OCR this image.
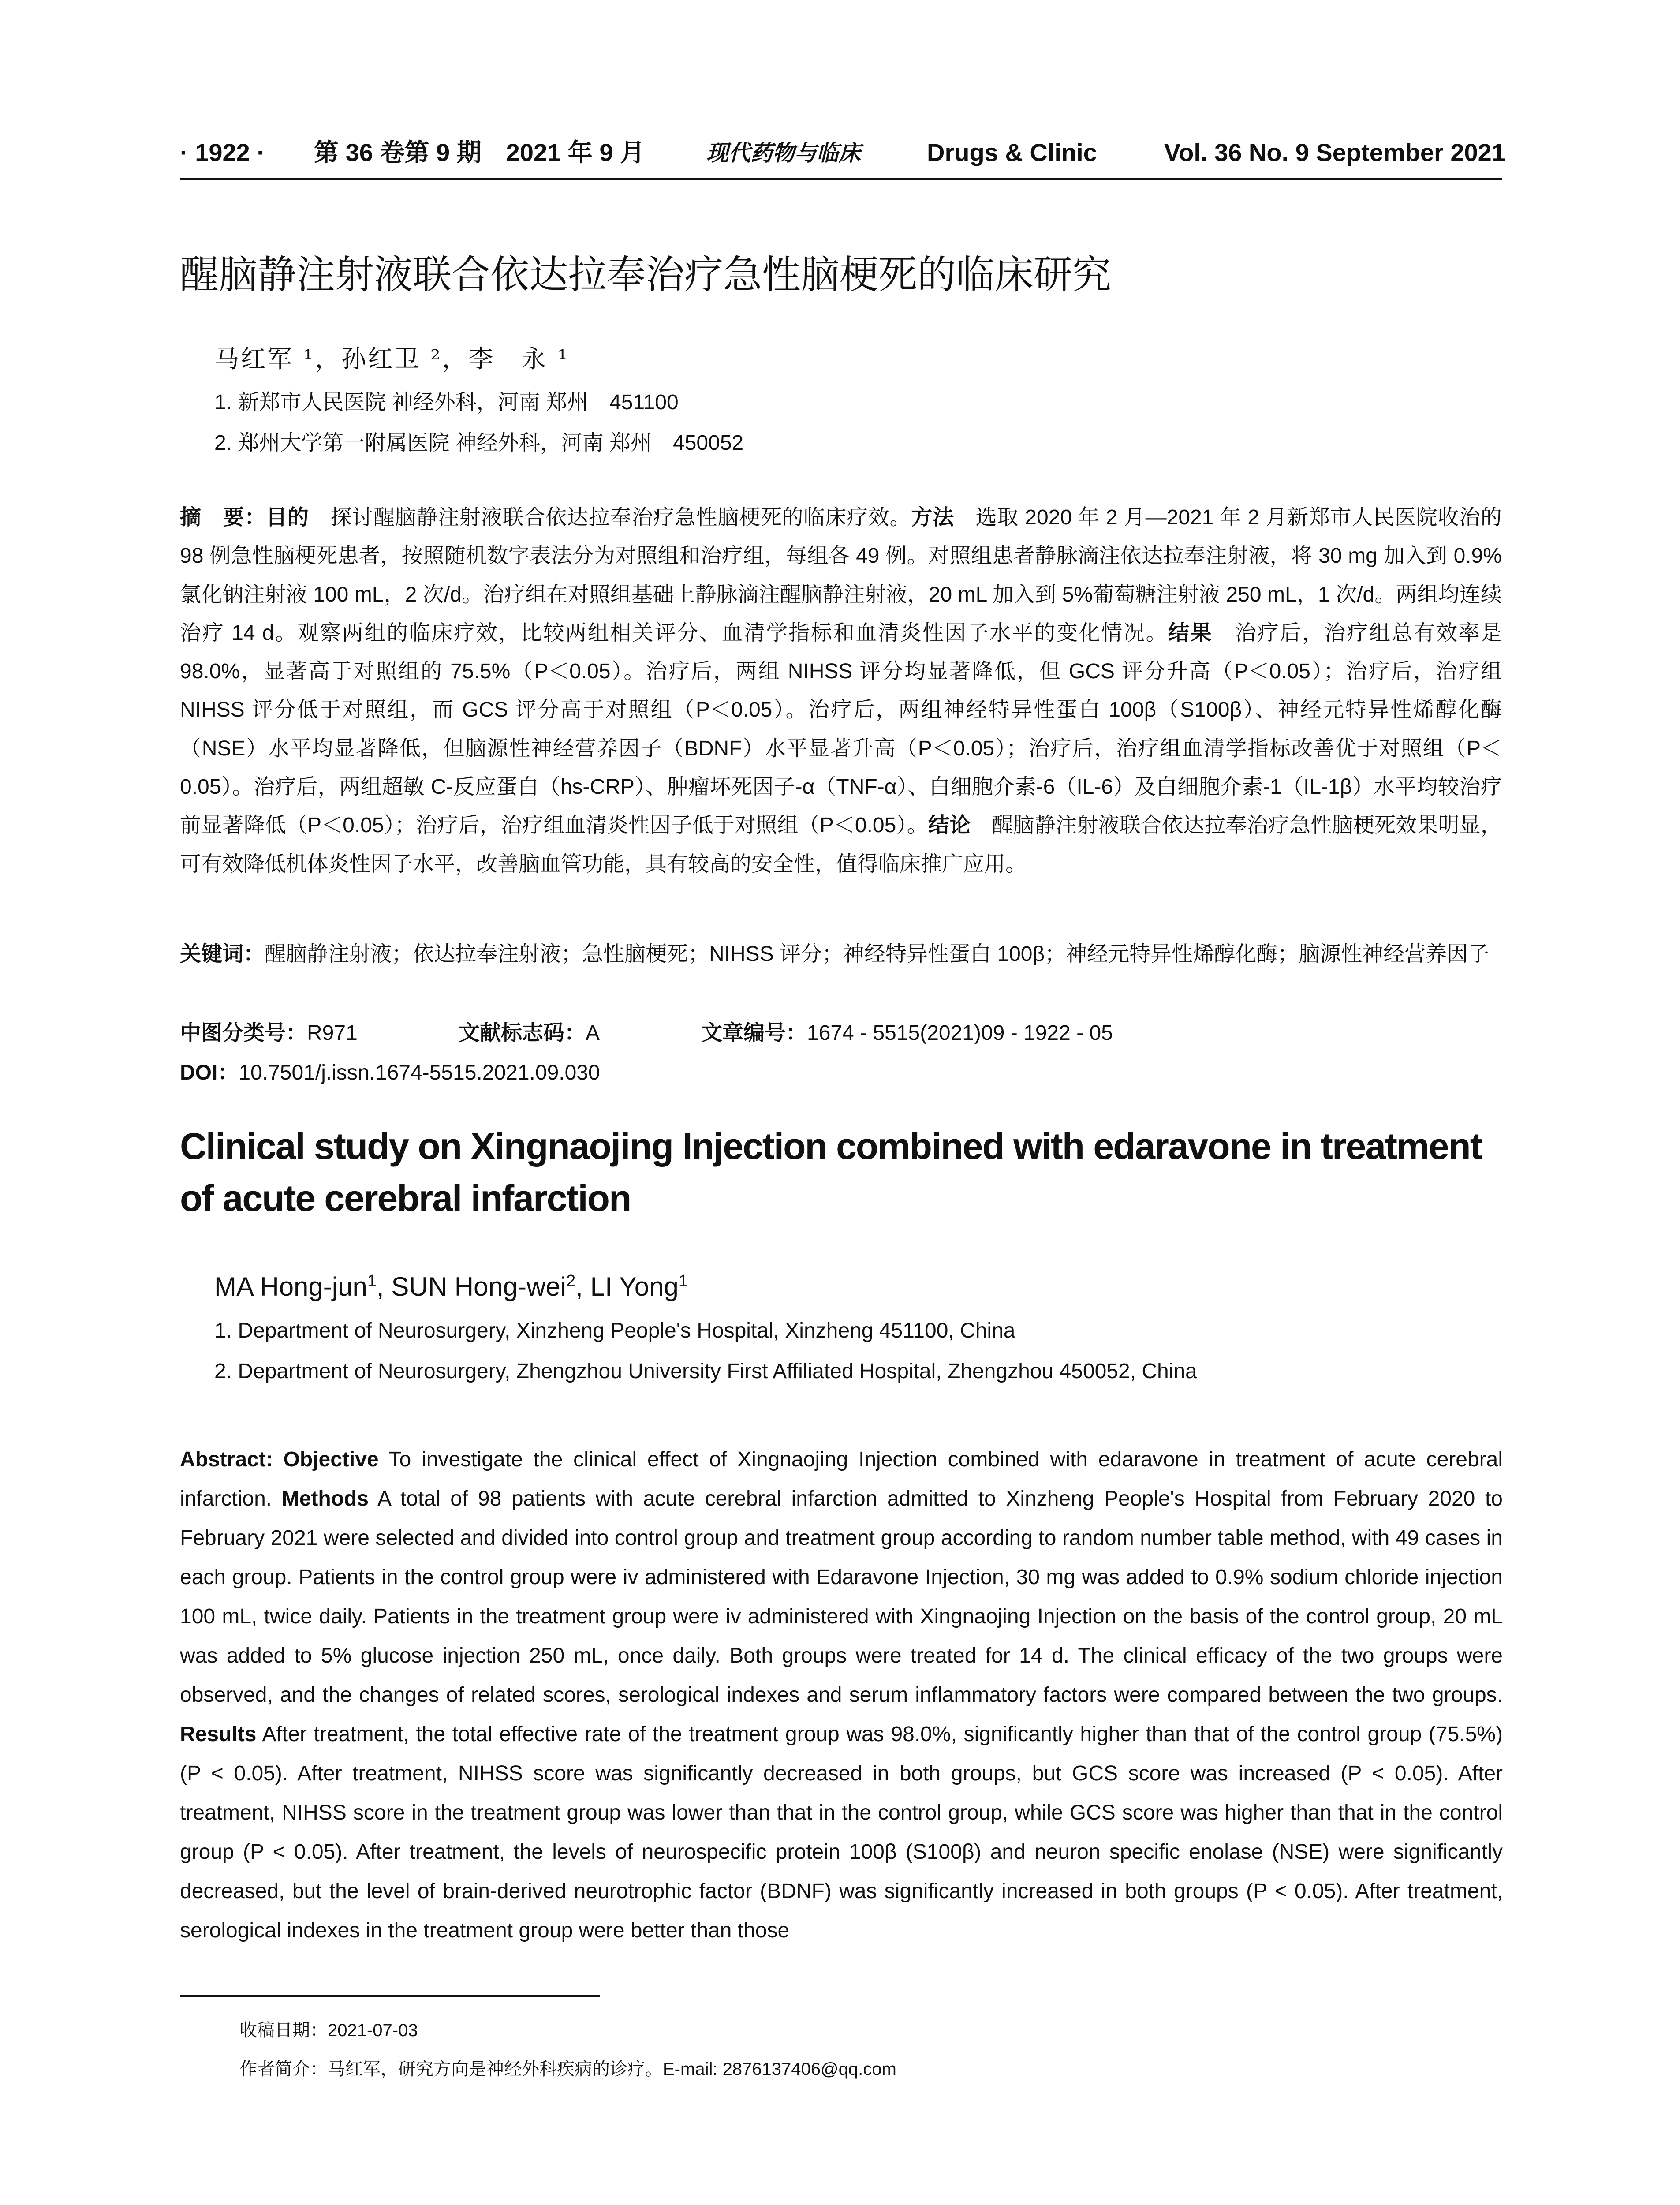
· 1922 · 第 36 卷第 9 期　2021 年 9 月	现代药物与临床	Drugs & Clinic	Vol. 36 No. 9 September 2021
醒脑静注射液联合依达拉奉治疗急性脑梗死的临床研究
马红军 ¹，孙红卫 ²，李　永 ¹
1. 新郑市人民医院 神经外科，河南 郑州　451100
2. 郑州大学第一附属医院 神经外科，河南 郑州　450052
摘　要：目的　探讨醒脑静注射液联合依达拉奉治疗急性脑梗死的临床疗效。方法　选取 2020 年 2 月—2021 年 2 月新郑市人民医院收治的 98 例急性脑梗死患者，按照随机数字表法分为对照组和治疗组，每组各 49 例。对照组患者静脉滴注依达拉奉注射液，将 30 mg 加入到 0.9%氯化钠注射液 100 mL，2 次/d。治疗组在对照组基础上静脉滴注醒脑静注射液，20 mL 加入到 5%葡萄糖注射液 250 mL，1 次/d。两组均连续治疗 14 d。观察两组的临床疗效，比较两组相关评分、血清学指标和血清炎性因子水平的变化情况。结果　治疗后，治疗组总有效率是 98.0%，显著高于对照组的 75.5%（P＜0.05）。治疗后，两组 NIHSS 评分均显著降低，但 GCS 评分升高（P＜0.05）；治疗后，治疗组 NIHSS 评分低于对照组，而 GCS 评分高于对照组（P＜0.05）。治疗后，两组神经特异性蛋白 100β（S100β）、神经元特异性烯醇化酶（NSE）水平均显著降低，但脑源性神经营养因子（BDNF）水平显著升高（P＜0.05）；治疗后，治疗组血清学指标改善优于对照组（P＜0.05）。治疗后，两组超敏 C-反应蛋白（hs-CRP）、肿瘤坏死因子-α（TNF-α）、白细胞介素-6（IL-6）及白细胞介素-1（IL-1β）水平均较治疗前显著降低（P＜0.05）；治疗后，治疗组血清炎性因子低于对照组（P＜0.05）。结论　醒脑静注射液联合依达拉奉治疗急性脑梗死效果明显，可有效降低机体炎性因子水平，改善脑血管功能，具有较高的安全性，值得临床推广应用。
关键词：醒脑静注射液；依达拉奉注射液；急性脑梗死；NIHSS 评分；神经特异性蛋白 100β；神经元特异性烯醇化酶；脑源性神经营养因子
中图分类号：R971	文献标志码：A	文章编号：1674 - 5515(2021)09 - 1922 - 05
DOI：10.7501/j.issn.1674-5515.2021.09.030
Clinical study on Xingnaojing Injection combined with edaravone in treatment of acute cerebral infarction
MA Hong-jun$^1$, SUN Hong-wei$^2$, LI Yong$^1$
1. Department of Neurosurgery, Xinzheng People's Hospital, Xinzheng 451100, China
2. Department of Neurosurgery, Zhengzhou University First Affiliated Hospital, Zhengzhou 450052, China
Abstract: Objective To investigate the clinical effect of Xingnaojing Injection combined with edaravone in treatment of acute cerebral infarction. Methods A total of 98 patients with acute cerebral infarction admitted to Xinzheng People's Hospital from February 2020 to February 2021 were selected and divided into control group and treatment group according to random number table method, with 49 cases in each group. Patients in the control group were iv administered with Edaravone Injection, 30 mg was added to 0.9% sodium chloride injection 100 mL, twice daily. Patients in the treatment group were iv administered with Xingnaojing Injection on the basis of the control group, 20 mL was added to 5% glucose injection 250 mL, once daily. Both groups were treated for 14 d. The clinical efficacy of the two groups were observed, and the changes of related scores, serological indexes and serum inflammatory factors were compared between the two groups. Results After treatment, the total effective rate of the treatment group was 98.0%, significantly higher than that of the control group (75.5%) (P < 0.05). After treatment, NIHSS score was significantly decreased in both groups, but GCS score was increased (P < 0.05). After treatment, NIHSS score in the treatment group was lower than that in the control group, while GCS score was higher than that in the control group (P < 0.05). After treatment, the levels of neurospecific protein 100β (S100β) and neuron specific enolase (NSE) were significantly decreased, but the level of brain-derived neurotrophic factor (BDNF) was significantly increased in both groups (P < 0.05). After treatment, serological indexes in the treatment group were better than those
收稿日期：2021-07-03
作者简介：马红军，研究方向是神经外科疾病的诊疗。E-mail: 2876137406@qq.com
